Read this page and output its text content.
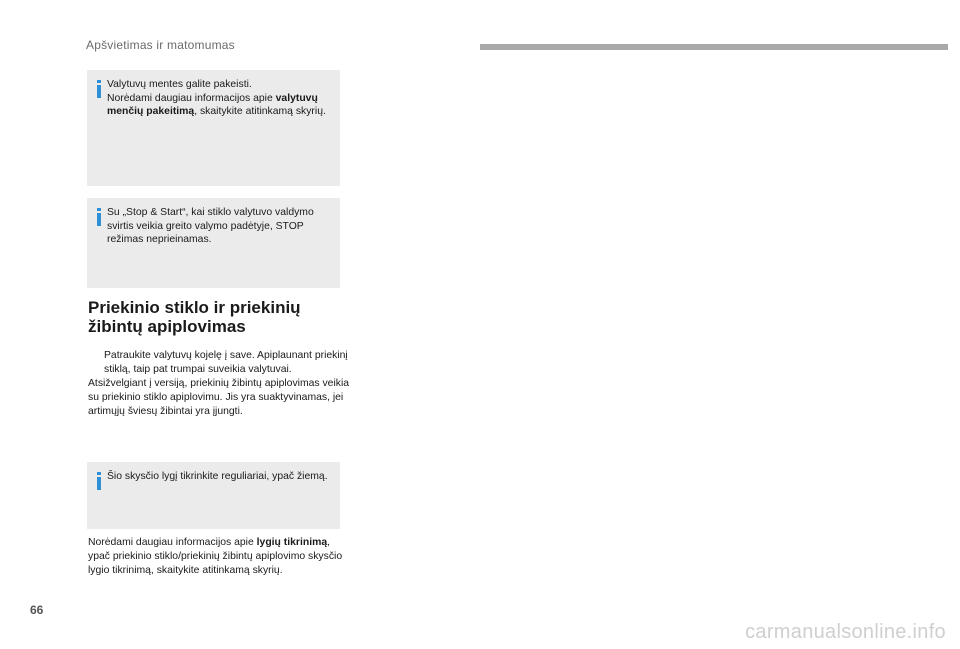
Apšvietimas ir matomumas

Valytuvų mentes galite pakeisti.
Norėdami daugiau informacijos apie valytuvų menčių pakeitimą, skaitykite atitinkamą skyrių.

Su „Stop & Start“, kai stiklo valytuvo valdymo svirtis veikia greito valymo padėtyje, STOP režimas neprieinamas.

Priekinio stiklo ir priekinių
žibintų apiplovimas
Patraukite valytuvų kojelę į save. Apiplaunant priekinį stiklą, taip pat trumpai suveikia valytuvai.

Atsižvelgiant į versiją, priekinių žibintų apiplovimas veikia su priekinio stiklo apiplovimu. Jis yra suaktyvinamas, jei artimųjų šviesų žibintai yra įjungti.

Šio skysčio lygį tikrinkite reguliariai, ypač žiemą.

Norėdami daugiau informacijos apie lygių tikrinimą, ypač priekinio stiklo/priekinių žibintų apiplovimo skysčio lygio tikrinimą, skaitykite atitinkamą skyrių.

66
carmanualsonline.info
